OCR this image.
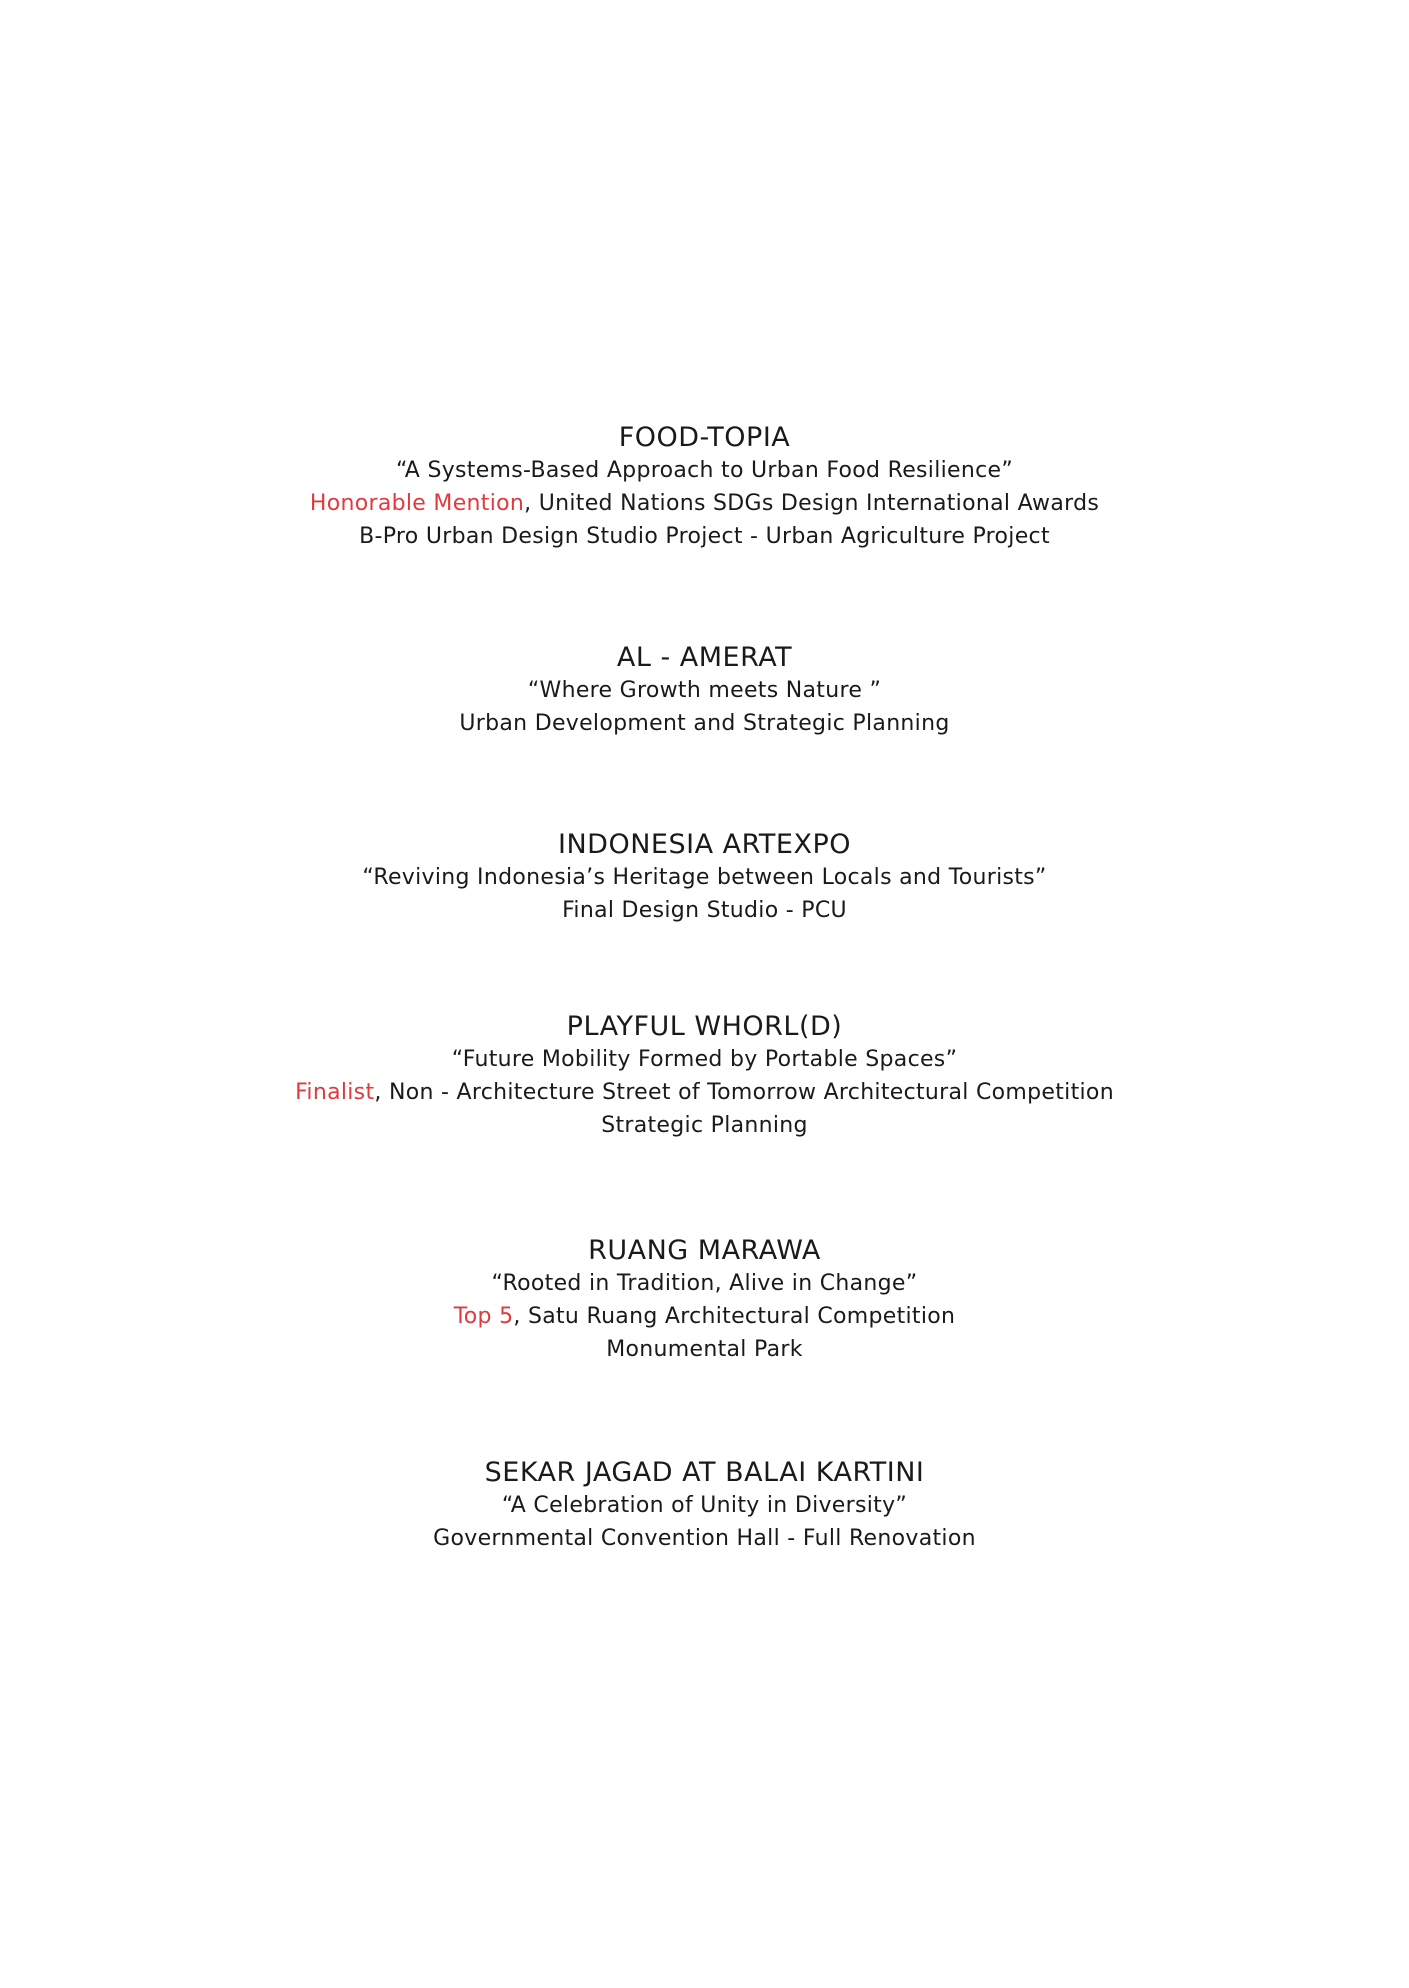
FOOD-TOPIA

“A Systems-Based Approach to Urban Food Resilience”

Honorable Mention, United Nations SDGs Design International Awards

B-Pro Urban Design Studio Project - Urban Agriculture Project

AL - AMERAT

“Where Growth meets Nature ”

Urban Development and Strategic Planning

INDONESIA ARTEXPO

“Reviving Indonesia’s Heritage between Locals and Tourists”

Final Design Studio - PCU

PLAYFUL WHORL(D)

“Future Mobility Formed by Portable Spaces”

Finalist, Non - Architecture Street of Tomorrow Architectural Competition

Strategic Planning

RUANG MARAWA

“Rooted in Tradition, Alive in Change”

Top 5, Satu Ruang Architectural Competition

Monumental Park

SEKAR JAGAD AT BALAI KARTINI

“A Celebration of Unity in Diversity”

Governmental Convention Hall - Full Renovation
